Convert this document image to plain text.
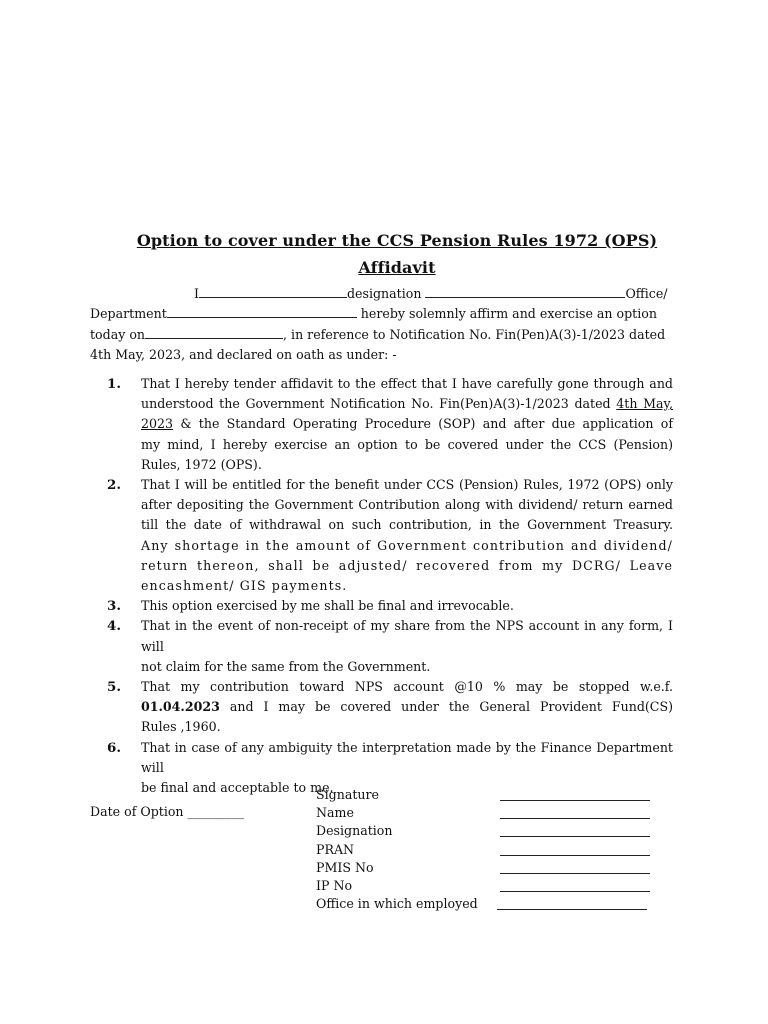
Option to cover under the CCS Pension Rules 1972 (OPS)
Affidavit
I	designation	Office/
Department	hereby solemnly affirm and exercise an option
today on	, in reference to Notification No. Fin(Pen)A(3)-1/2023 dated
4th May, 2023, and declared on oath as under: -
1.	That I hereby tender affidavit to the effect that I have carefully gone through and
understood the Government Notification No. Fin(Pen)A(3)-1/2023 dated 4th May,
2023 & the Standard Operating Procedure (SOP) and after due application of
my mind, I hereby exercise an option to be covered under the CCS (Pension)
Rules, 1972 (OPS).
2.	That I will be entitled for the benefit under CCS (Pension) Rules, 1972 (OPS) only
after depositing the Government Contribution along with dividend/ return earned
till the date of withdrawal on such contribution, in the Government Treasury.
Any shortage in the amount of Government contribution and dividend/
return thereon, shall be adjusted/ recovered from my DCRG/ Leave
encashment/ GIS payments.
3.	This option exercised by me shall be final and irrevocable.
4.	That in the event of non-receipt of my share from the NPS account in any form, I will
not claim for the same from the Government.
5.	That my contribution toward NPS account @10 % may be stopped w.e.f.
01.04.2023 and I may be covered under the General Provident Fund(CS)
Rules ,1960.
6.	That in case of any ambiguity the interpretation made by the Finance Department will
be final and acceptable to me.
Date of Option _________
Signature
Name
Designation
PRAN
PMIS No
IP No
Office in which employed
